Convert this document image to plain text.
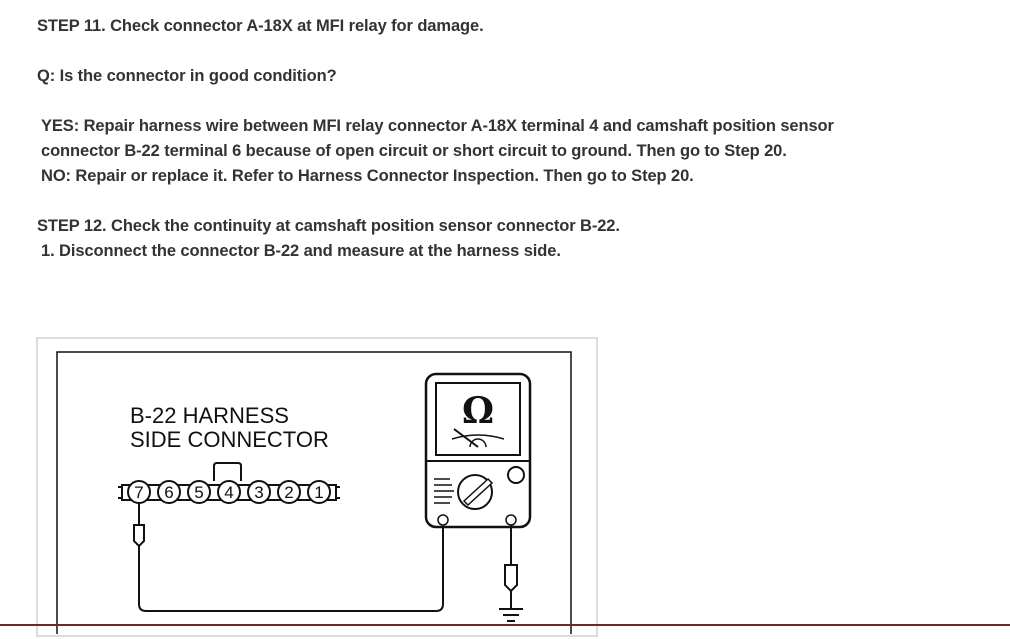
STEP 11. Check connector A-18X at MFI relay for damage.

Q: Is the connector in good condition?

YES: Repair harness wire between MFI relay connector A-18X terminal 4 and camshaft position sensor connector B-22 terminal 6 because of open circuit or short circuit to ground. Then go to Step 20.

NO: Repair or replace it. Refer to Harness Connector Inspection. Then go to Step 20.

STEP 12. Check the continuity at camshaft position sensor connector B-22.

1. Disconnect the connector B-22 and measure at the harness side.

B-22 HARNESS
SIDE CONNECTOR
7 6 5 4 3 2 1
Ω
